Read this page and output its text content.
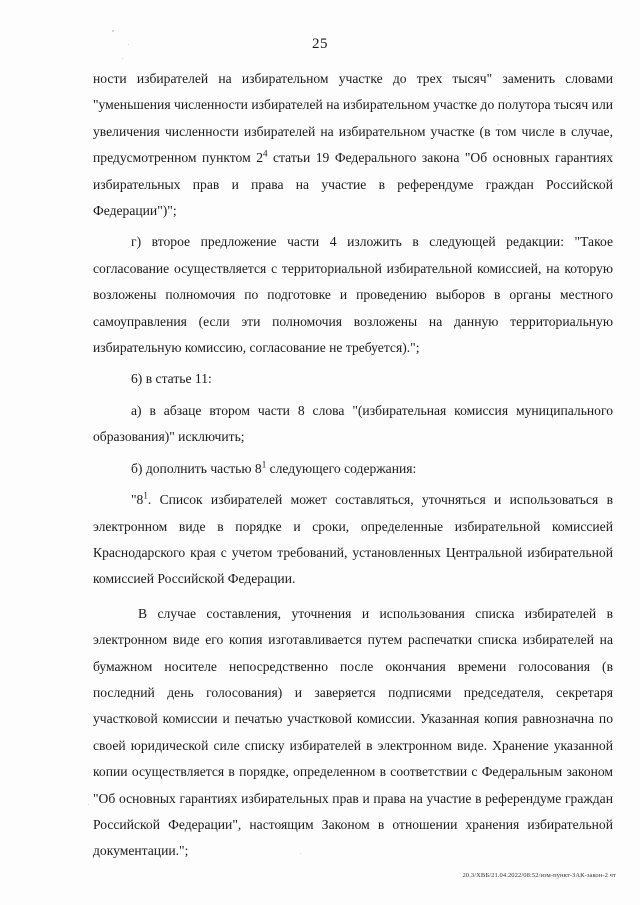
25

ности избирателей на избирательном участке до трех тысяч" заменить словами "уменьшения численности избирателей на избирательном участке до полутора тысяч или увеличения численности избирателей на избирательном участке (в том числе в случае, предусмотренном пунктом $2^4$ статьи 19 Федерального закона "Об основных гарантиях избирательных прав и права на участие в референдуме граждан Российской Федерации")";

г) второе предложение части 4 изложить в следующей редакции: "Такое согласование осуществляется с территориальной избирательной комиссией, на которую возложены полномочия по подготовке и проведению выборов в органы местного самоуправления (если эти полномочия возложены на данную территориальную избирательную комиссию, согласование не требуется).";

6) в статье 11:

а) в абзаце втором части 8 слова "(избирательная комиссия муниципального образования)" исключить;

б) дополнить частью $8^1$ следующего содержания:

"$8^1$. Список избирателей может составляться, уточняться и использоваться в электронном виде в порядке и сроки, определенные избирательной комиссией Краснодарского края с учетом требований, установленных Центральной избирательной комиссией Российской Федерации.

В случае составления, уточнения и использования списка избирателей в электронном виде его копия изготавливается путем распечатки списка избирателей на бумажном носителе непосредственно после окончания времени голосования (в последний день голосования) и заверяется подписями председателя, секретаря участковой комиссии и печатью участковой комиссии. Указанная копия равнозначна по своей юридической силе списку избирателей в электронном виде. Хранение указанной копии осуществляется в порядке, определенном в соответствии с Федеральным законом "Об основных гарантиях избирательных прав и права на участие в референдуме граждан Российской Федерации", настоящим Законом в отношении хранения избирательной документации.";

20.3/ХВБ/21.04.2022/08:52/изм-пункт-ЗАК-закон-2 чт
